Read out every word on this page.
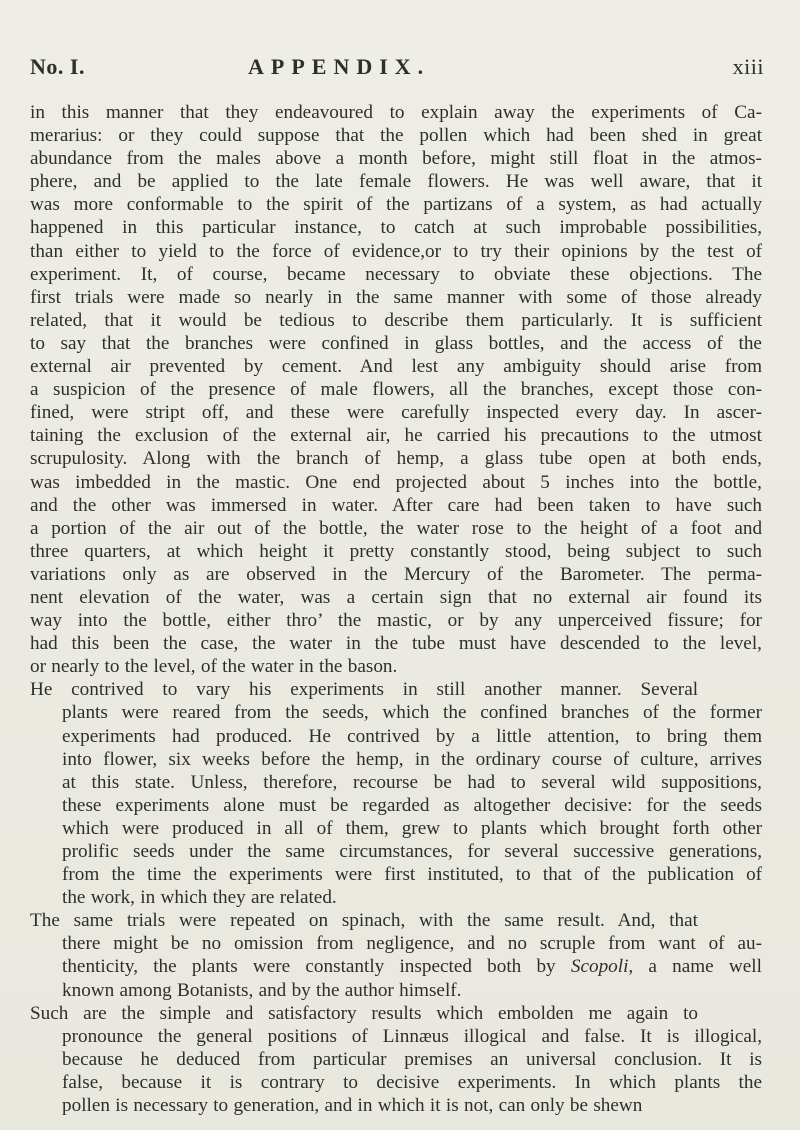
No. I.	APPENDIX.	xiii

in this manner that they endeavoured to explain away the experiments of Ca-
merarius: or they could suppose that the pollen which had been shed in great
abundance from the males above a month before, might still float in the atmos-
phere, and be applied to the late female flowers. He was well aware, that it
was more conformable to the spirit of the partizans of a system, as had actually
happened in this particular instance, to catch at such improbable possibilities,
than either to yield to the force of evidence,or to try their opinions by the test of
experiment. It, of course, became necessary to obviate these objections. The
first trials were made so nearly in the same manner with some of those already
related, that it would be tedious to describe them particularly. It is sufficient
to say that the branches were confined in glass bottles, and the access of the
external air prevented by cement. And lest any ambiguity should arise from
a suspicion of the presence of male flowers, all the branches, except those con-
fined, were stript off, and these were carefully inspected every day. In ascer-
taining the exclusion of the external air, he carried his precautions to the utmost
scrupulosity. Along with the branch of hemp, a glass tube open at both ends,
was imbedded in the mastic. One end projected about 5 inches into the bottle,
and the other was immersed in water. After care had been taken to have such
a portion of the air out of the bottle, the water rose to the height of a foot and
three quarters, at which height it pretty constantly stood, being subject to such
variations only as are observed in the Mercury of the Barometer. The perma-
nent elevation of the water, was a certain sign that no external air found its
way into the bottle, either thro’ the mastic, or by any unperceived fissure; for
had this been the case, the water in the tube must have descended to the level,
or nearly to the level, of the water in the bason.

He contrived to vary his experiments in still another manner. Several
plants were reared from the seeds, which the confined branches of the former
experiments had produced. He contrived by a little attention, to bring them
into flower, six weeks before the hemp, in the ordinary course of culture, arrives
at this state. Unless, therefore, recourse be had to several wild suppositions,
these experiments alone must be regarded as altogether decisive: for the seeds
which were produced in all of them, grew to plants which brought forth other
prolific seeds under the same circumstances, for several successive generations,
from the time the experiments were first instituted, to that of the publication of
the work, in which they are related.

The same trials were repeated on spinach, with the same result. And, that
there might be no omission from negligence, and no scruple from want of au-
thenticity, the plants were constantly inspected both by Scopoli, a name well
known among Botanists, and by the author himself.

Such are the simple and satisfactory results which embolden me again to
pronounce the general positions of Linnæus illogical and false. It is illogical,
because he deduced from particular premises an universal conclusion. It is
false, because it is contrary to decisive experiments. In which plants the
pollen is necessary to generation, and in which it is not, can only be shewn
